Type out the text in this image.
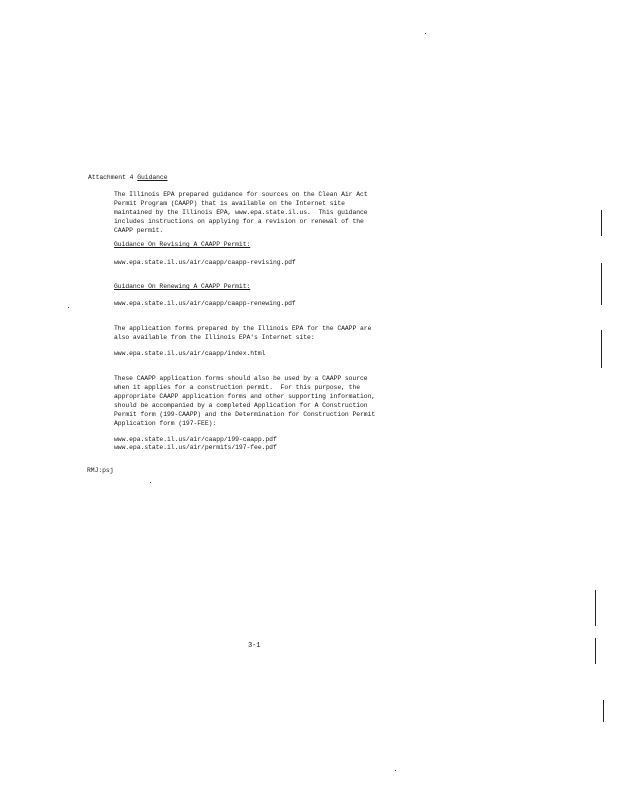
Attachment 4 Guidance
The Illinois EPA prepared guidance for sources on the Clean Air Act
Permit Program (CAAPP) that is available on the Internet site
maintained by the Illinois EPA, www.epa.state.il.us.  This guidance
includes instructions on applying for a revision or renewal of the
CAAPP permit.
Guidance On Revising A CAAPP Permit:
www.epa.state.il.us/air/caapp/caapp-revising.pdf
Guidance On Renewing A CAAPP Permit:
www.epa.state.il.us/air/caapp/caapp-renewing.pdf
The application forms prepared by the Illinois EPA for the CAAPP are
also available from the Illinois EPA's Internet site:
www.epa.state.il.us/air/caapp/index.html
These CAAPP application forms should also be used by a CAAPP source
when it applies for a construction permit.  For this purpose, the
appropriate CAAPP application forms and other supporting information,
should be accompanied by a completed Application for A Construction
Permit form (199-CAAPP) and the Determination for Construction Permit
Application form (197-FEE):
www.epa.state.il.us/air/caapp/199-caapp.pdf
www.epa.state.il.us/air/permits/197-fee.pdf
RMJ:psj
3-1
